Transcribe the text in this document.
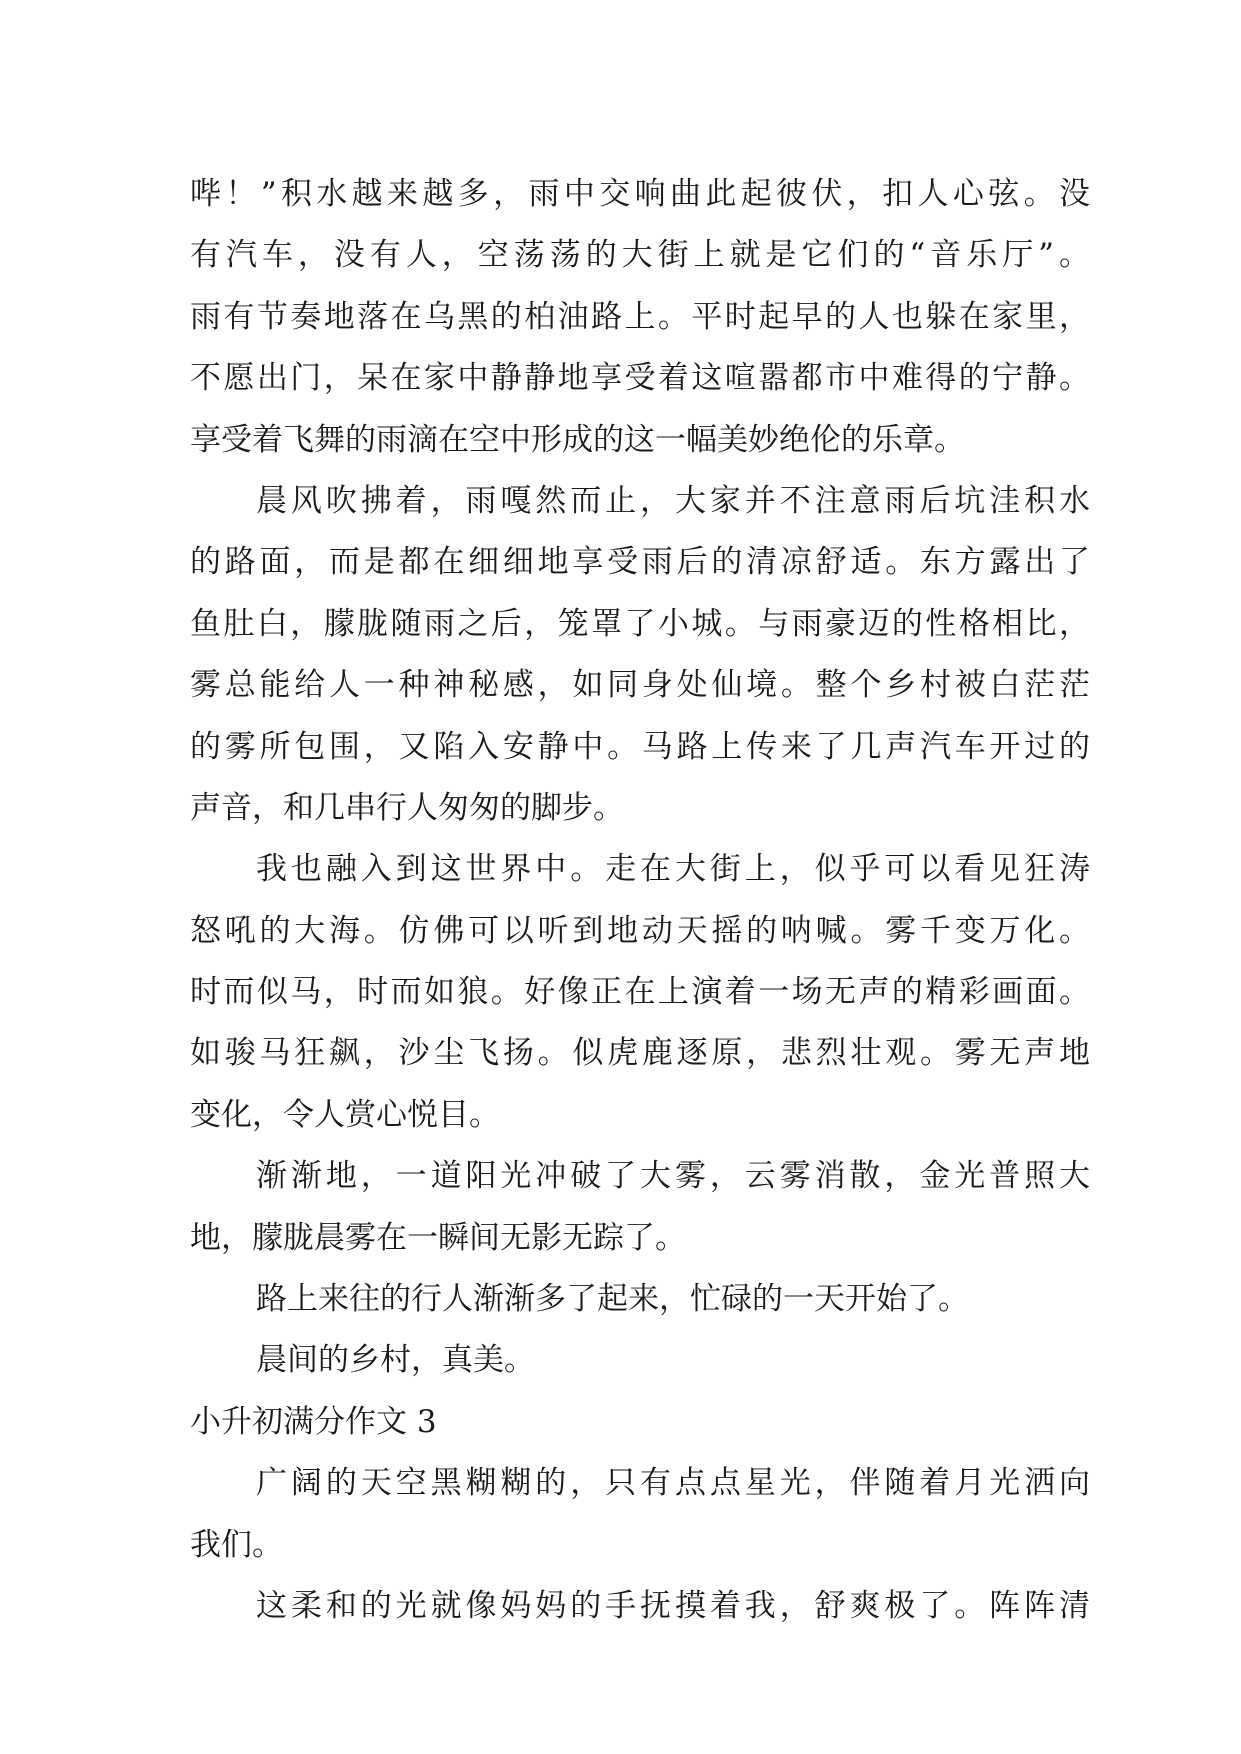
哔！”积水越来越多，雨中交响曲此起彼伏，扣人心弦。没
有汽车，没有人，空荡荡的大街上就是它们的“音乐厅”。
雨有节奏地落在乌黑的柏油路上。平时起早的人也躲在家里，
不愿出门，呆在家中静静地享受着这喧嚣都市中难得的宁静。
享受着飞舞的雨滴在空中形成的这一幅美妙绝伦的乐章。
晨风吹拂着，雨嘎然而止，大家并不注意雨后坑洼积水
的路面，而是都在细细地享受雨后的清凉舒适。东方露出了
鱼肚白，朦胧随雨之后，笼罩了小城。与雨豪迈的性格相比，
雾总能给人一种神秘感，如同身处仙境。整个乡村被白茫茫
的雾所包围，又陷入安静中。马路上传来了几声汽车开过的
声音，和几串行人匆匆的脚步。
我也融入到这世界中。走在大街上，似乎可以看见狂涛
怒吼的大海。仿佛可以听到地动天摇的呐喊。雾千变万化。
时而似马，时而如狼。好像正在上演着一场无声的精彩画面。
如骏马狂飙，沙尘飞扬。似虎鹿逐原，悲烈壮观。雾无声地
变化，令人赏心悦目。
渐渐地，一道阳光冲破了大雾，云雾消散，金光普照大
地，朦胧晨雾在一瞬间无影无踪了。
路上来往的行人渐渐多了起来，忙碌的一天开始了。
晨间的乡村，真美。
小升初满分作文 3
广阔的天空黑糊糊的，只有点点星光，伴随着月光洒向
我们。
这柔和的光就像妈妈的手抚摸着我，舒爽极了。阵阵清
